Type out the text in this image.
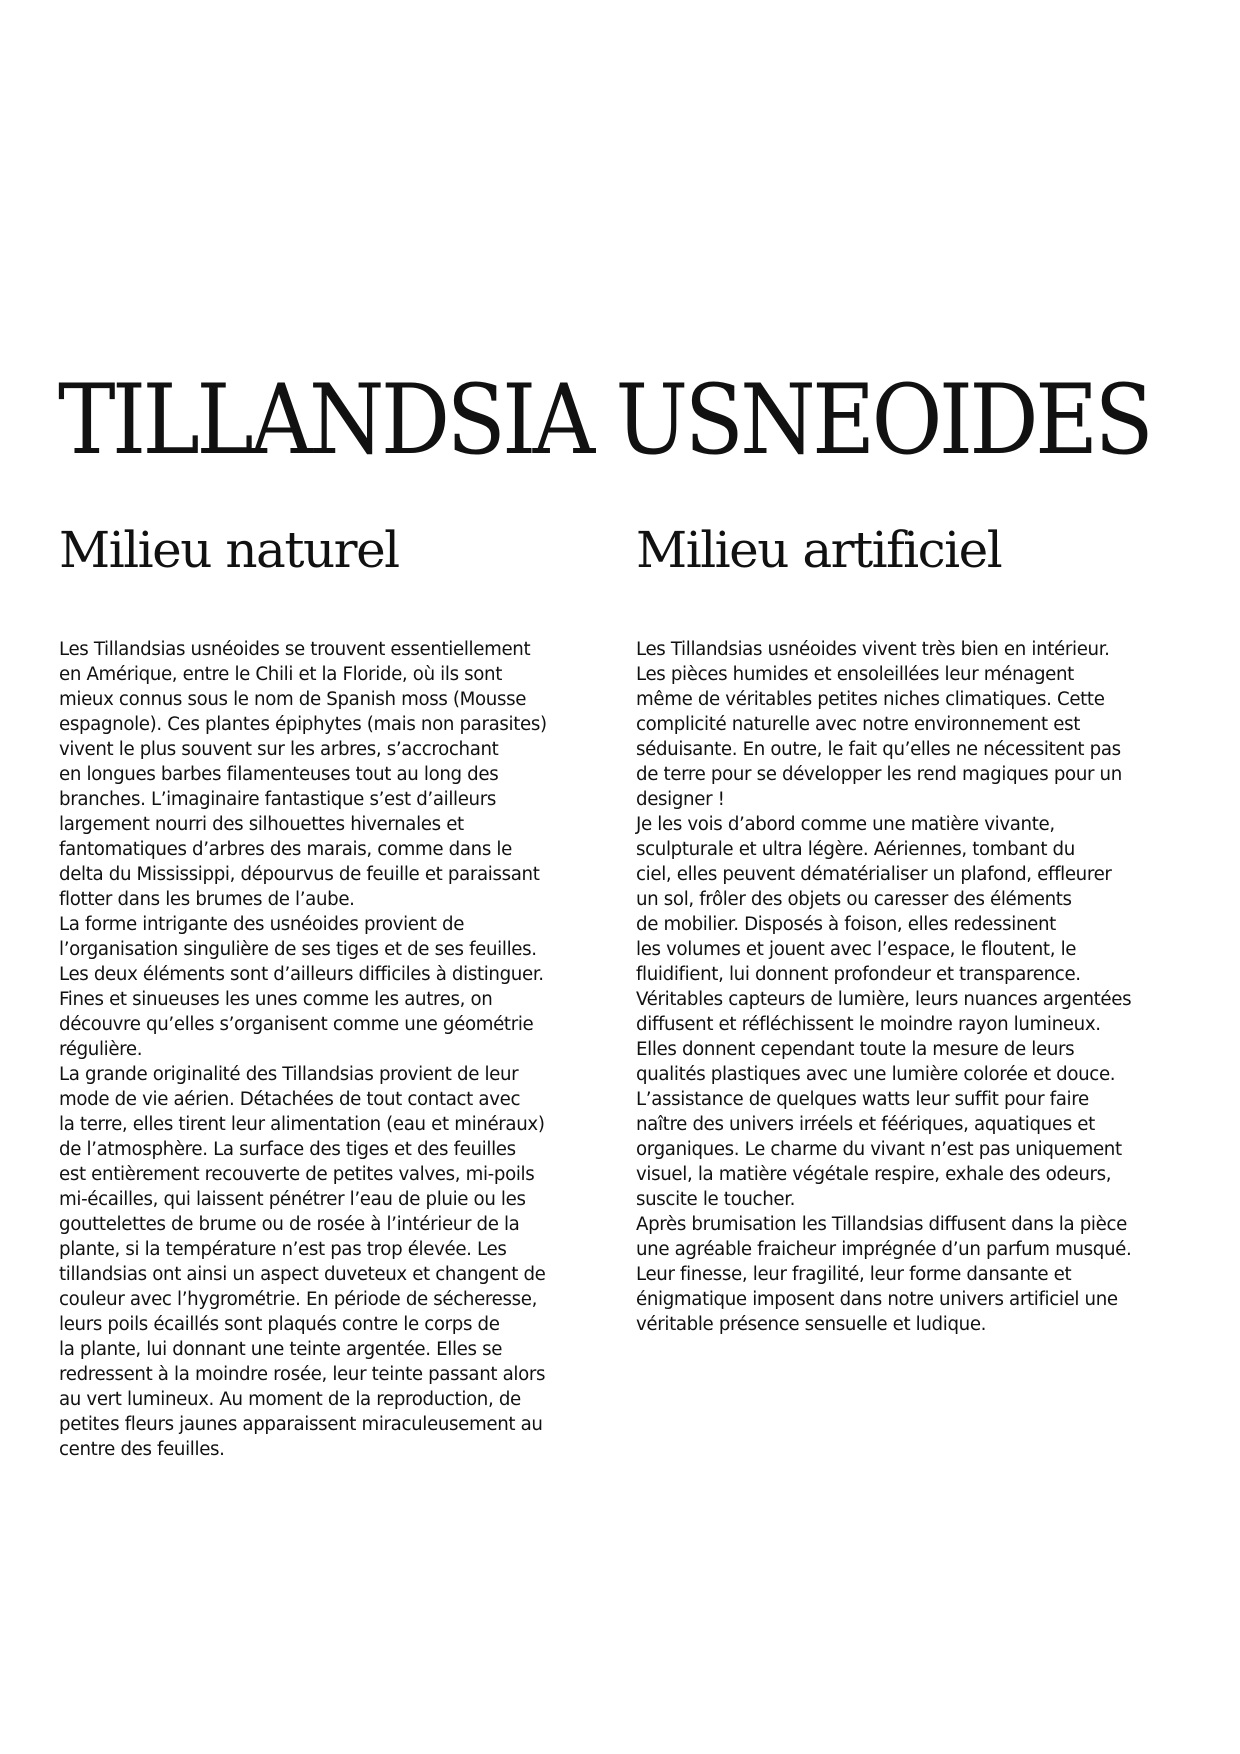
TILLANDSIA USNEOIDES
Milieu naturel
Les Tillandsias usnéoides se trouvent essentiellement
en Amérique, entre le Chili et la Floride, où ils sont
mieux connus sous le nom de Spanish moss (Mousse
espagnole). Ces plantes épiphytes (mais non parasites)
vivent le plus souvent sur les arbres, s’accrochant
en longues barbes filamenteuses tout au long des
branches. L’imaginaire fantastique s’est d’ailleurs
largement nourri des silhouettes hivernales et
fantomatiques d’arbres des marais, comme dans le
delta du Mississippi, dépourvus de feuille et paraissant
flotter dans les brumes de l’aube.
La forme intrigante des usnéoides provient de
l’organisation singulière de ses tiges et de ses feuilles.
Les deux éléments sont d’ailleurs difficiles à distinguer.
Fines et sinueuses les unes comme les autres, on
découvre qu’elles s’organisent comme une géométrie
régulière.
La grande originalité des Tillandsias provient de leur
mode de vie aérien. Détachées de tout contact avec
la terre, elles tirent leur alimentation (eau et minéraux)
de l’atmosphère. La surface des tiges et des feuilles
est entièrement recouverte de petites valves, mi-poils
mi-écailles, qui laissent pénétrer l’eau de pluie ou les
gouttelettes de brume ou de rosée à l’intérieur de la
plante, si la température n’est pas trop élevée. Les
tillandsias ont ainsi un aspect duveteux et changent de
couleur avec l’hygrométrie. En période de sécheresse,
leurs poils écaillés sont plaqués contre le corps de
la plante, lui donnant une teinte argentée. Elles se
redressent à la moindre rosée, leur teinte passant alors
au vert lumineux. Au moment de la reproduction, de
petites fleurs jaunes apparaissent miraculeusement au
centre des feuilles.
Milieu artificiel
Les Tillandsias usnéoides vivent très bien en intérieur.
Les pièces humides et ensoleillées leur ménagent
même de véritables petites niches climatiques. Cette
complicité naturelle avec notre environnement est
séduisante. En outre, le fait qu’elles ne nécessitent pas
de terre pour se développer les rend magiques pour un
designer !
Je les vois d’abord comme une matière vivante,
sculpturale et ultra légère. Aériennes, tombant du
ciel, elles peuvent dématérialiser un plafond, effleurer
un sol, frôler des objets ou caresser des éléments
de mobilier. Disposés à foison, elles redessinent
les volumes et jouent avec l’espace, le floutent, le
fluidifient, lui donnent profondeur et transparence.
Véritables capteurs de lumière, leurs nuances argentées
diffusent et réfléchissent le moindre rayon lumineux.
Elles donnent cependant toute la mesure de leurs
qualités plastiques avec une lumière colorée et douce.
L’assistance de quelques watts leur suffit pour faire
naître des univers irréels et féériques, aquatiques et
organiques. Le charme du vivant n’est pas uniquement
visuel, la matière végétale respire, exhale des odeurs,
suscite le toucher.
Après brumisation les Tillandsias diffusent dans la pièce
une agréable fraicheur imprégnée d’un parfum musqué.
Leur finesse, leur fragilité, leur forme dansante et
énigmatique imposent dans notre univers artificiel une
véritable présence sensuelle et ludique.
